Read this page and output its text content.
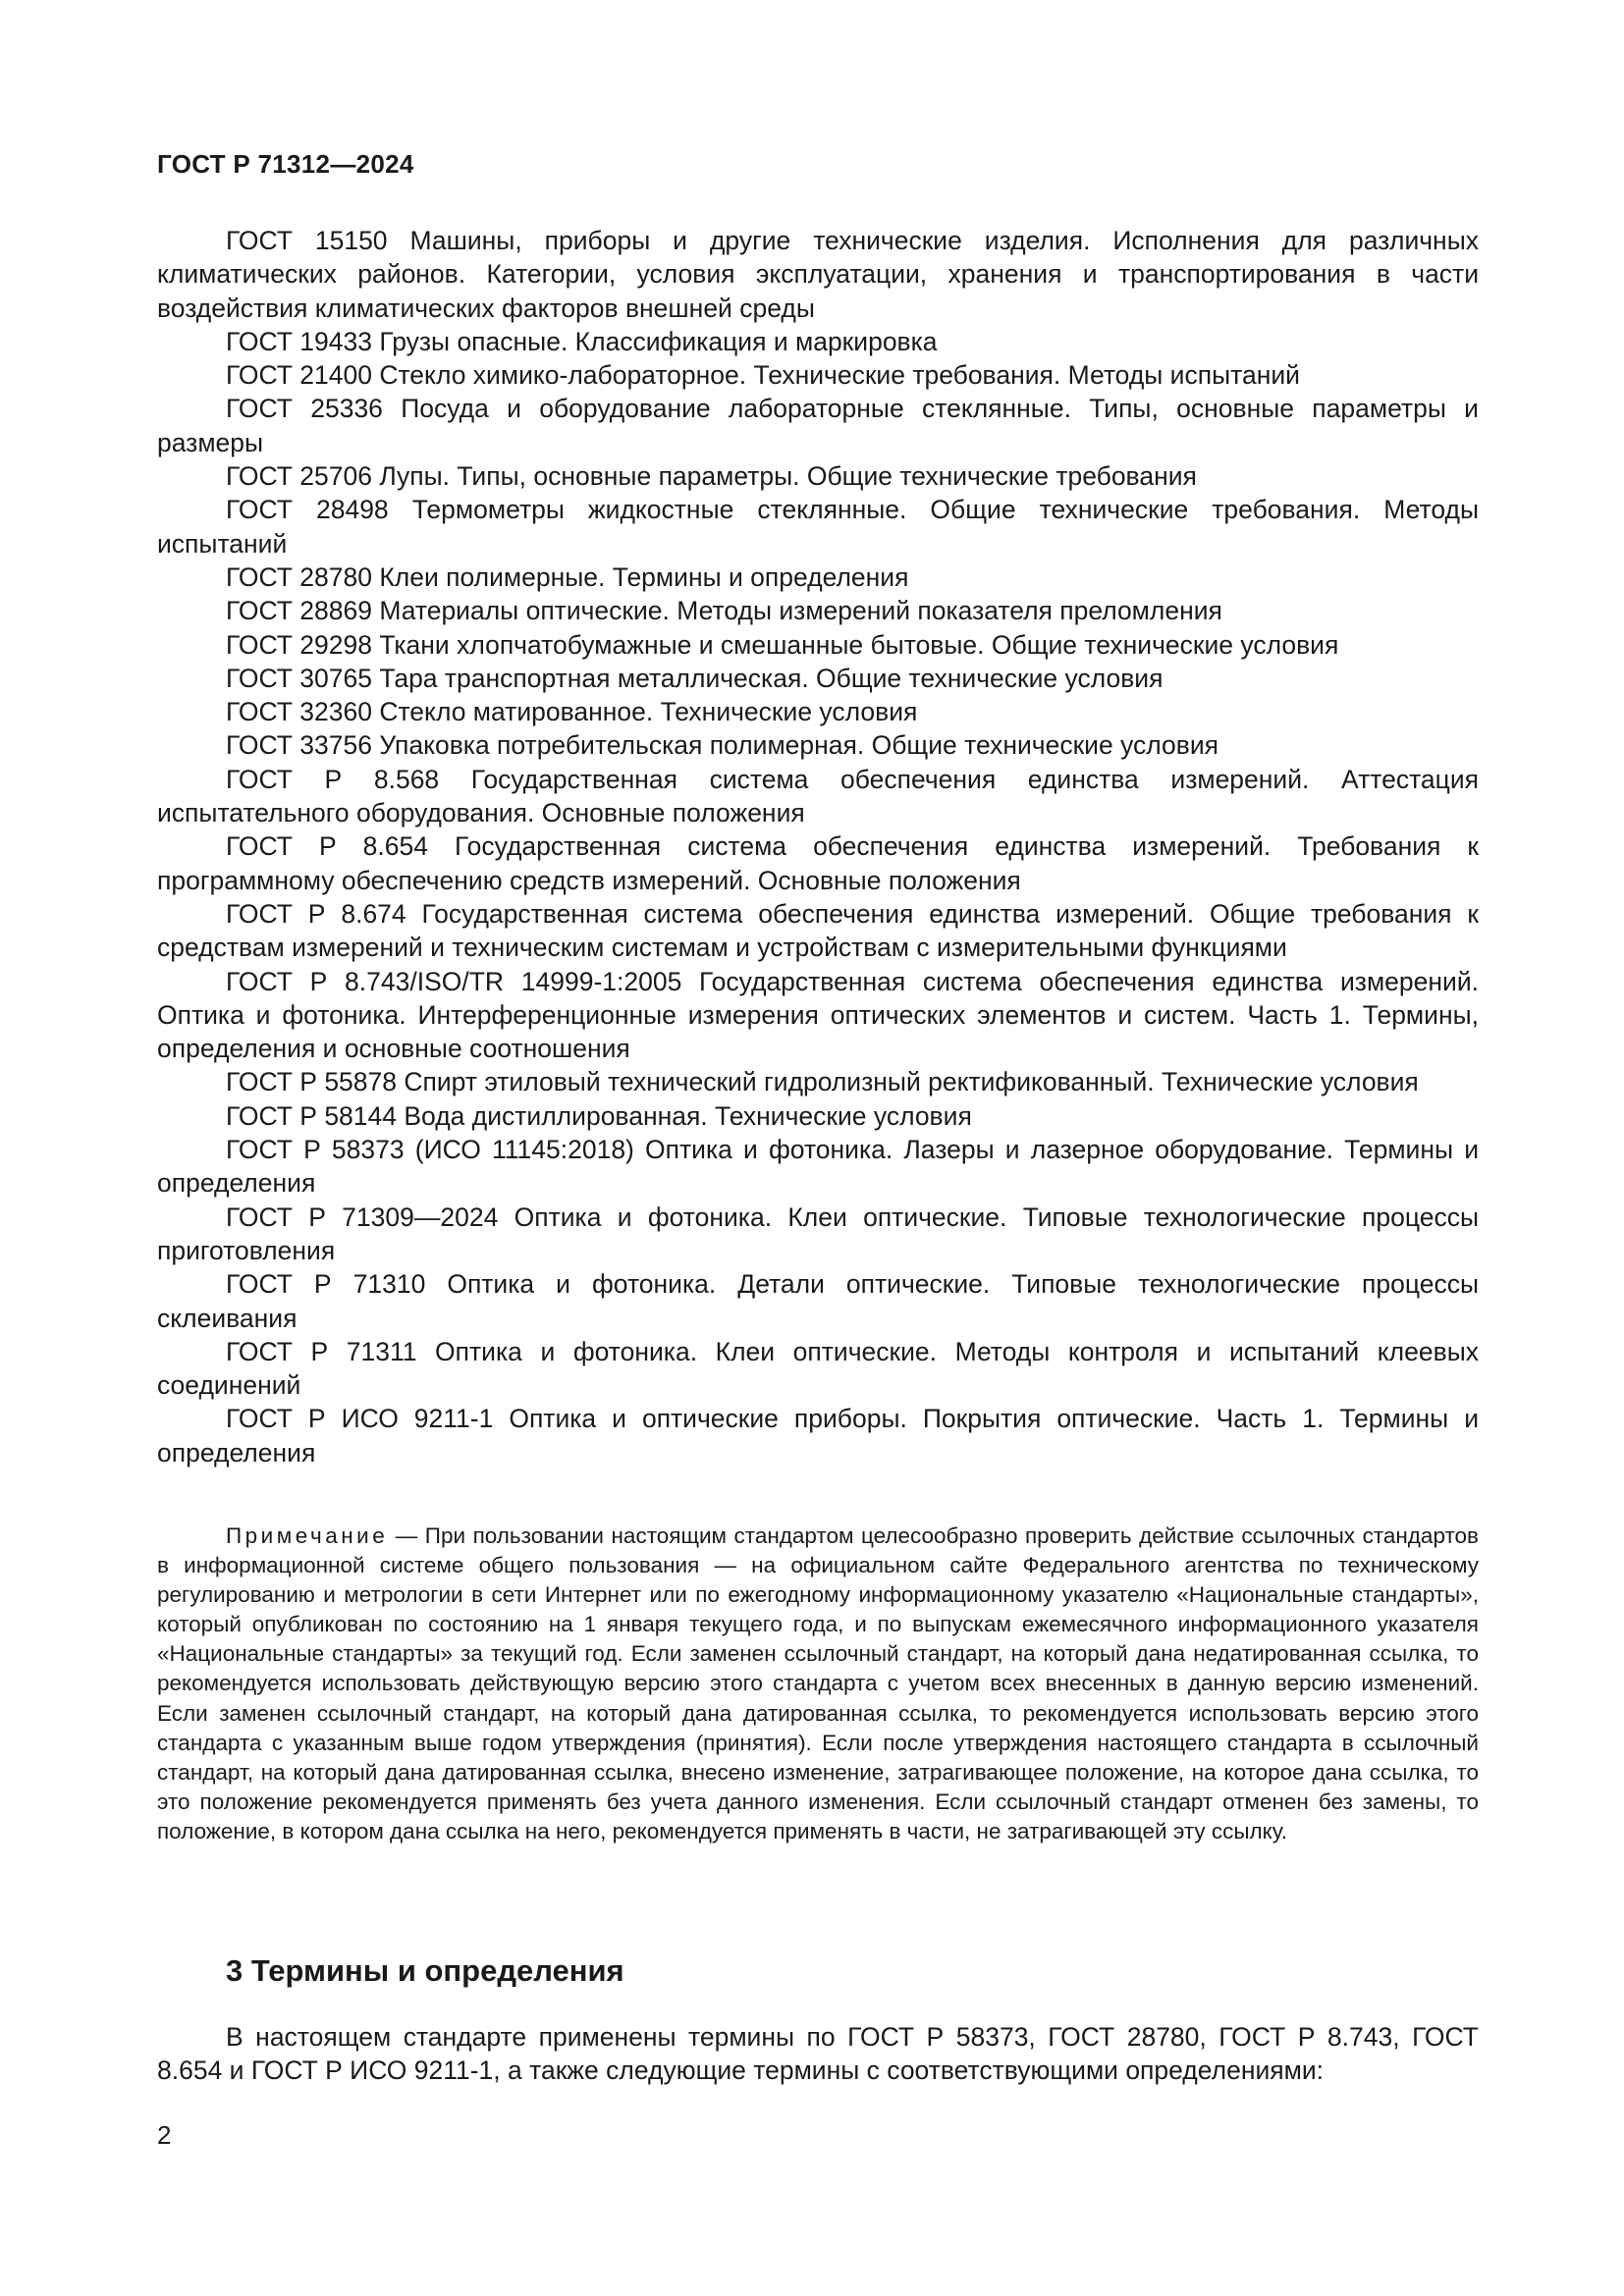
ГОСТ Р 71312—2024

ГОСТ 15150 Машины, приборы и другие технические изделия. Исполнения для различных климатических районов. Категории, условия эксплуатации, хранения и транспортирования в части воздействия климатических факторов внешней среды

ГОСТ 19433 Грузы опасные. Классификация и маркировка

ГОСТ 21400 Стекло химико-лабораторное. Технические требования. Методы испытаний

ГОСТ 25336 Посуда и оборудование лабораторные стеклянные. Типы, основные параметры и размеры

ГОСТ 25706 Лупы. Типы, основные параметры. Общие технические требования

ГОСТ 28498 Термометры жидкостные стеклянные. Общие технические требования. Методы испытаний

ГОСТ 28780 Клеи полимерные. Термины и определения

ГОСТ 28869 Материалы оптические. Методы измерений показателя преломления

ГОСТ 29298 Ткани хлопчатобумажные и смешанные бытовые. Общие технические условия

ГОСТ 30765 Тара транспортная металлическая. Общие технические условия

ГОСТ 32360 Стекло матированное. Технические условия

ГОСТ 33756 Упаковка потребительская полимерная. Общие технические условия

ГОСТ Р 8.568 Государственная система обеспечения единства измерений. Аттестация испытательного оборудования. Основные положения

ГОСТ Р 8.654 Государственная система обеспечения единства измерений. Требования к программному обеспечению средств измерений. Основные положения

ГОСТ Р 8.674 Государственная система обеспечения единства измерений. Общие требования к средствам измерений и техническим системам и устройствам с измерительными функциями

ГОСТ Р 8.743/ISO/TR 14999-1:2005 Государственная система обеспечения единства измерений. Оптика и фотоника. Интерференционные измерения оптических элементов и систем. Часть 1. Термины, определения и основные соотношения

ГОСТ Р 55878 Спирт этиловый технический гидролизный ректификованный. Технические условия

ГОСТ Р 58144 Вода дистиллированная. Технические условия

ГОСТ Р 58373 (ИСО 11145:2018) Оптика и фотоника. Лазеры и лазерное оборудование. Термины и определения

ГОСТ Р 71309—2024 Оптика и фотоника. Клеи оптические. Типовые технологические процессы приготовления

ГОСТ Р 71310 Оптика и фотоника. Детали оптические. Типовые технологические процессы склеивания

ГОСТ Р 71311 Оптика и фотоника. Клеи оптические. Методы контроля и испытаний клеевых соединений

ГОСТ Р ИСО 9211-1 Оптика и оптические приборы. Покрытия оптические. Часть 1. Термины и определения

Примечание — При пользовании настоящим стандартом целесообразно проверить действие ссылочных стандартов в информационной системе общего пользования — на официальном сайте Федерального агентства по техническому регулированию и метрологии в сети Интернет или по ежегодному информационному указателю «Национальные стандарты», который опубликован по состоянию на 1 января текущего года, и по выпускам ежемесячного информационного указателя «Национальные стандарты» за текущий год. Если заменен ссылочный стандарт, на который дана недатированная ссылка, то рекомендуется использовать действующую версию этого стандарта с учетом всех внесенных в данную версию изменений. Если заменен ссылочный стандарт, на который дана датированная ссылка, то рекомендуется использовать версию этого стандарта с указанным выше годом утверждения (принятия). Если после утверждения настоящего стандарта в ссылочный стандарт, на который дана датированная ссылка, внесено изменение, затрагивающее положение, на которое дана ссылка, то это положение рекомендуется применять без учета данного изменения. Если ссылочный стандарт отменен без замены, то положение, в котором дана ссылка на него, рекомендуется применять в части, не затрагивающей эту ссылку.

3 Термины и определения

В настоящем стандарте применены термины по ГОСТ Р 58373, ГОСТ 28780, ГОСТ Р 8.743, ГОСТ 8.654 и ГОСТ Р ИСО 9211-1, а также следующие термины с соответствующими определениями:

2
